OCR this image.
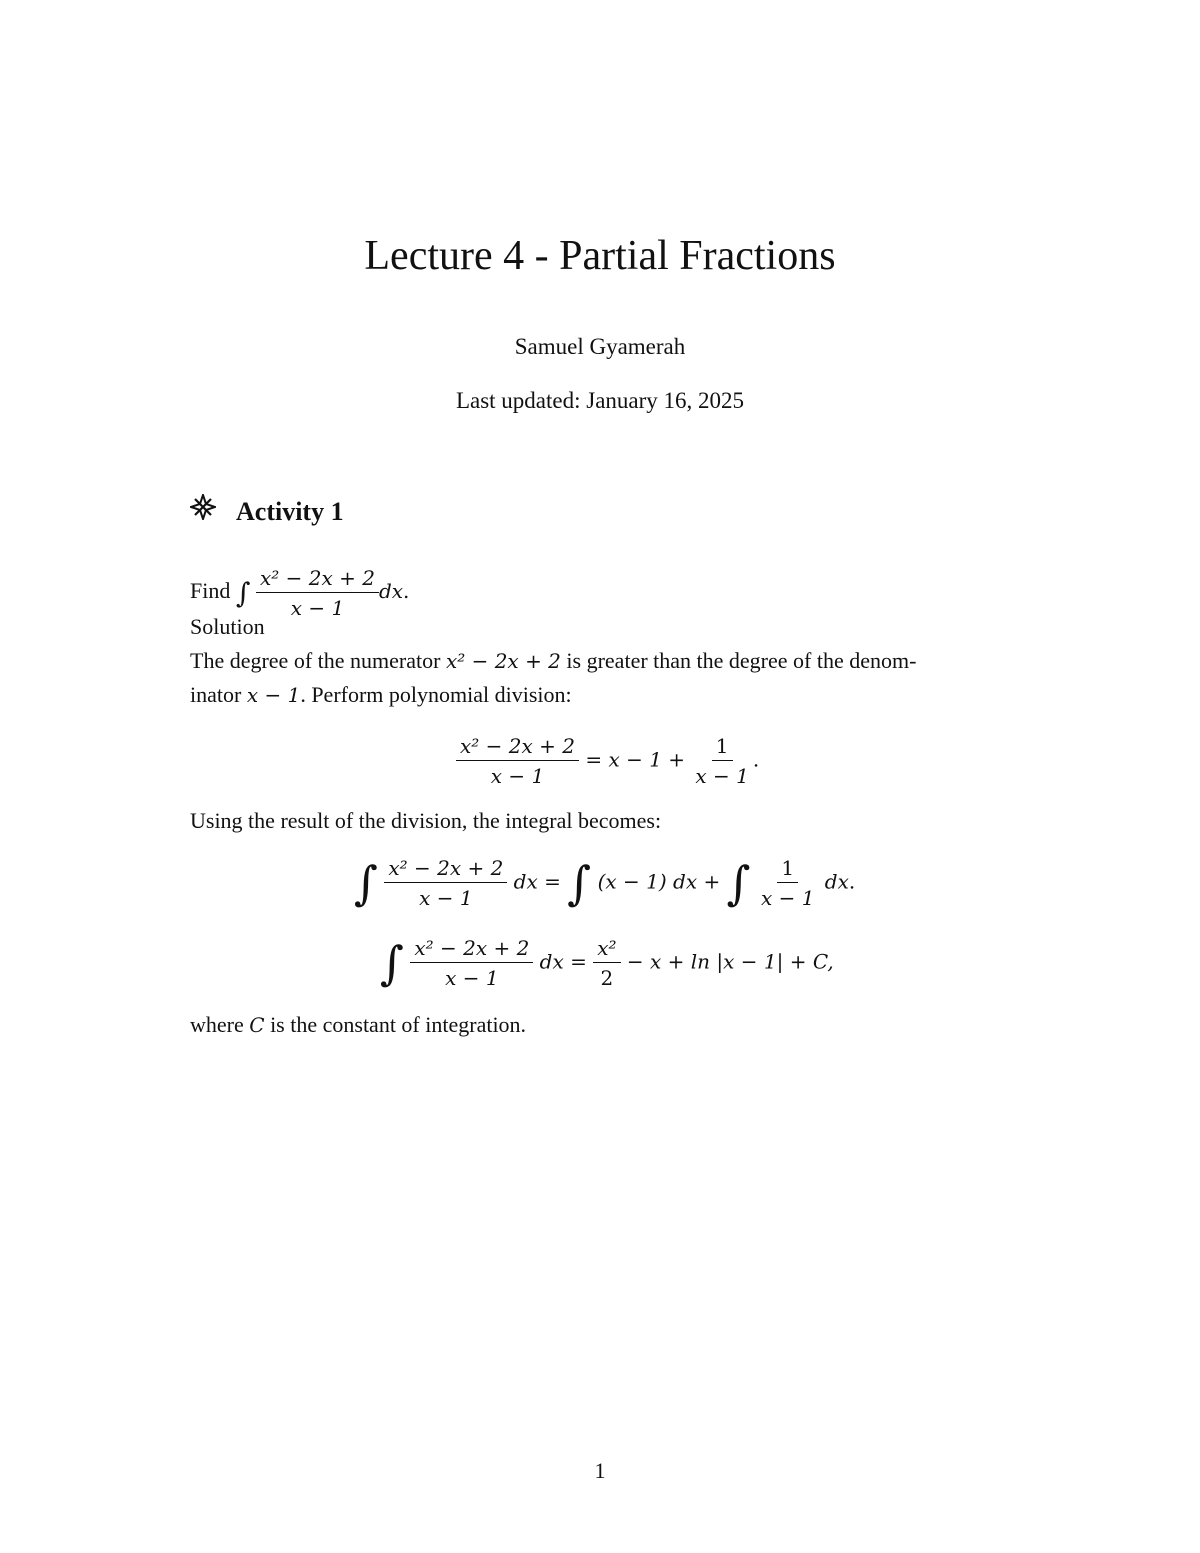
Lecture 4 - Partial Fractions
Samuel Gyamerah
Last updated: January 16, 2025
Activity 1
Find ∫ $\frac{\text{x² − 2x + 2}}{x - 1}$ dx.
Solution
The degree of the numerator x² − 2x + 2 is greater than the degree of the denom-
inator x − 1. Perform polynomial division:
$\frac{\text{x² − 2x + 2}}{x - 1} = x - 1 + \frac{1}{x - 1}$ .
Using the result of the division, the integral becomes:
∫ $\frac{\text{x² − 2x + 2}}{x - 1}$ dx = ∫ (x − 1) dx + ∫ $\frac{1}{x - 1}$ dx.
∫ $\frac{\text{x² − 2x + 2}}{x - 1}$ dx = $\frac{\text{x²}}{2} - x + \ln |x - 1| + C$,
where C is the constant of integration.
1
